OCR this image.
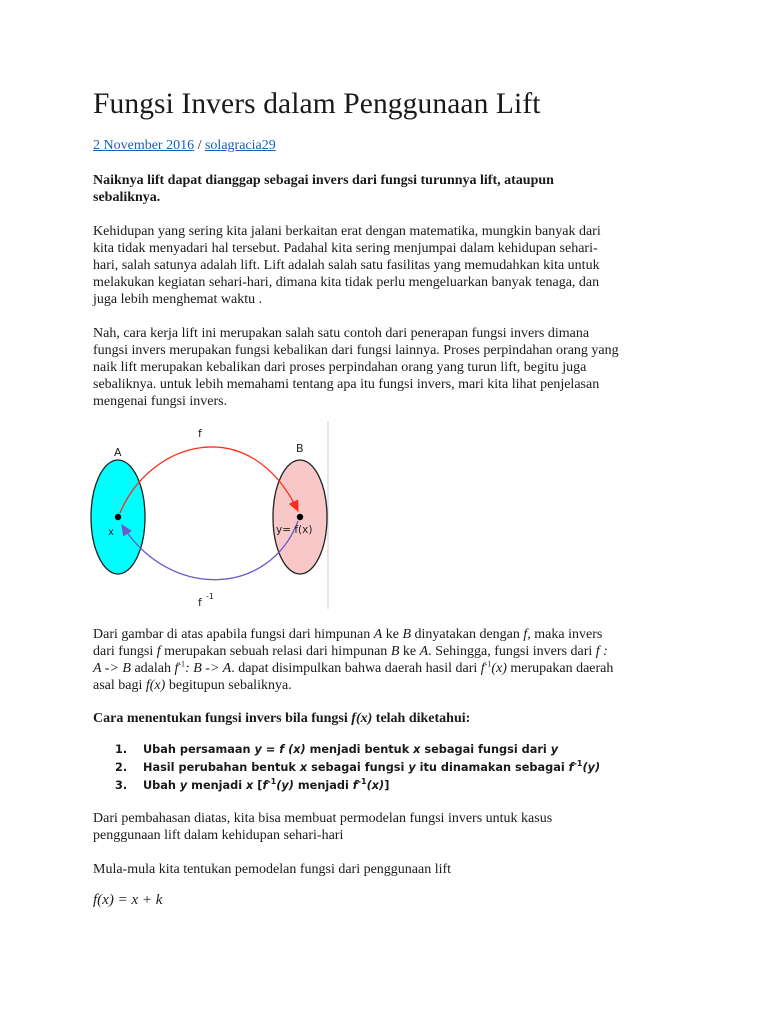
Fungsi Invers dalam Penggunaan Lift
2 November 2016 / solagracia29

Naiknya lift dapat dianggap sebagai invers dari fungsi turunnya lift, ataupun
sebaliknya.

Kehidupan yang sering kita jalani berkaitan erat dengan matematika, mungkin banyak dari
kita tidak menyadari hal tersebut. Padahal kita sering menjumpai dalam kehidupan sehari-
hari, salah satunya adalah lift. Lift adalah salah satu fasilitas yang memudahkan kita untuk
melakukan kegiatan sehari-hari, dimana kita tidak perlu mengeluarkan banyak tenaga, dan
juga lebih menghemat waktu .

Nah, cara kerja lift ini merupakan salah satu contoh dari penerapan fungsi invers dimana
fungsi invers merupakan fungsi kebalikan dari fungsi lainnya. Proses perpindahan orang yang
naik lift merupakan kebalikan dari proses perpindahan orang yang turun lift, begitu juga
sebaliknya. untuk lebih memahami tentang apa itu fungsi invers, mari kita lihat penjelasan
mengenai fungsi invers.

A	B
f
f -1
x	y= f(x)

Dari gambar di atas apabila fungsi dari himpunan A ke B dinyatakan dengan f, maka invers
dari fungsi f merupakan sebuah relasi dari himpunan B ke A. Sehingga, fungsi invers dari f :
A -> B adalah $f^{-1}$: B -> A. dapat disimpulkan bahwa daerah hasil dari $f^{-1}(x)$ merupakan daerah
asal bagi f(x) begitupun sebaliknya.

Cara menentukan fungsi invers bila fungsi f(x) telah diketahui:

1. Ubah persamaan y = f (x) menjadi bentuk x sebagai fungsi dari y
2. Hasil perubahan bentuk x sebagai fungsi y itu dinamakan sebagai $f^{-1}(y)$
3. Ubah y menjadi x [$f^{-1}(y)$ menjadi $f^{-1}(x)$]

Dari pembahasan diatas, kita bisa membuat permodelan fungsi invers untuk kasus
penggunaan lift dalam kehidupan sehari-hari

Mula-mula kita tentukan pemodelan fungsi dari penggunaan lift

f(x) = x + k
